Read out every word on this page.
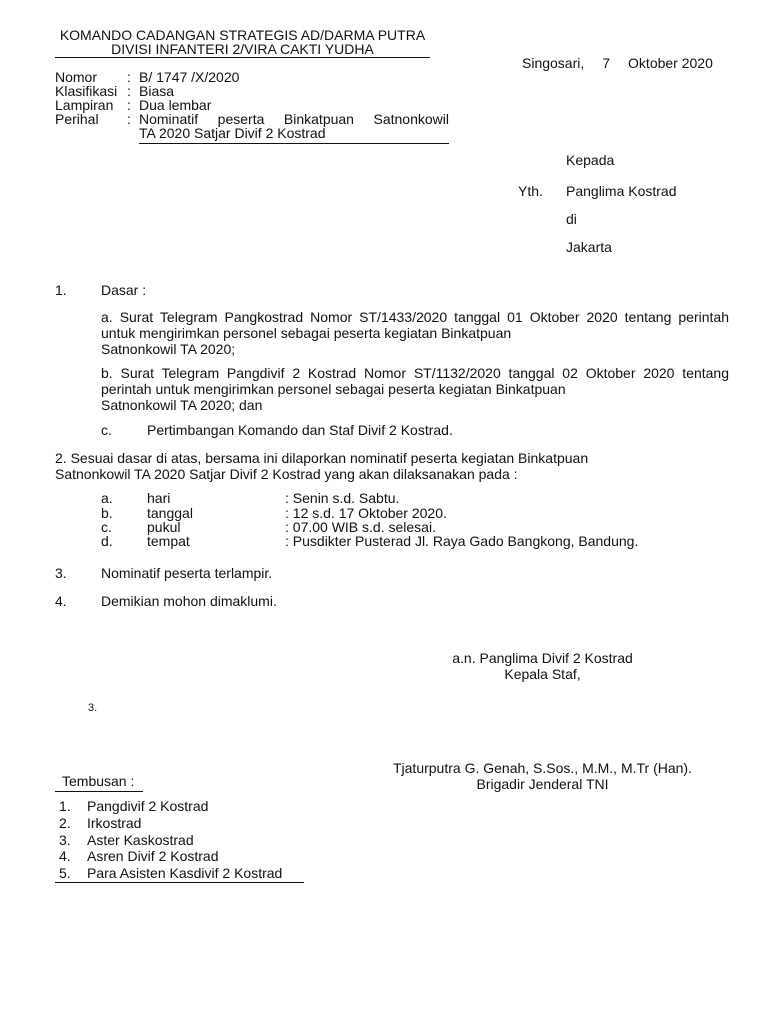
KOMANDO CADANGAN STRATEGIS AD/DARMA PUTRA
DIVISI INFANTERI 2/VIRA CAKTI YUDHA
Singosari, 7 Oktober 2020
Nomor : B/ 1747 /X/2020
Klasifikasi : Biasa
Lampiran : Dua lembar
Perihal : Nominatif peserta Binkatpuan Satnonkowil
TA 2020 Satjar Divif 2 Kostrad
Kepada
Yth. Panglima Kostrad
di
Jakarta
1. Dasar :
a. Surat Telegram Pangkostrad Nomor ST/1433/2020 tanggal 01 Oktober 2020 tentang perintah untuk mengirimkan personel sebagai peserta kegiatan Binkatpuan
Satnonkowil TA 2020;
b. Surat Telegram Pangdivif 2 Kostrad Nomor ST/1132/2020 tanggal 02 Oktober 2020 tentang perintah untuk mengirimkan personel sebagai peserta kegiatan Binkatpuan
Satnonkowil TA 2020; dan
c.	Pertimbangan Komando dan Staf Divif 2 Kostrad.
2. Sesuai dasar di atas, bersama ini dilaporkan nominatif peserta kegiatan Binkatpuan
Satnonkowil TA 2020 Satjar Divif 2 Kostrad yang akan dilaksanakan pada :
a. hari	: Senin s.d. Sabtu.
b. tanggal	: 12 s.d. 17 Oktober 2020.
c.	pukul	: 07.00 WIB s.d. selesai.
d. tempat	: Pusdikter Pusterad Jl. Raya Gado Bangkong, Bandung.
3. Nominatif peserta terlampir.
4. Demikian mohon dimaklumi.
a.n. Panglima Divif 2 Kostrad
Kepala Staf,
3.
Tjaturputra G. Genah, S.Sos., M.M., M.Tr (Han).
Brigadir Jenderal TNI
Tembusan :
1. Pangdivif 2 Kostrad
2. Irkostrad
3. Aster Kaskostrad
4. Asren Divif 2 Kostrad
5. Para Asisten Kasdivif 2 Kostrad
